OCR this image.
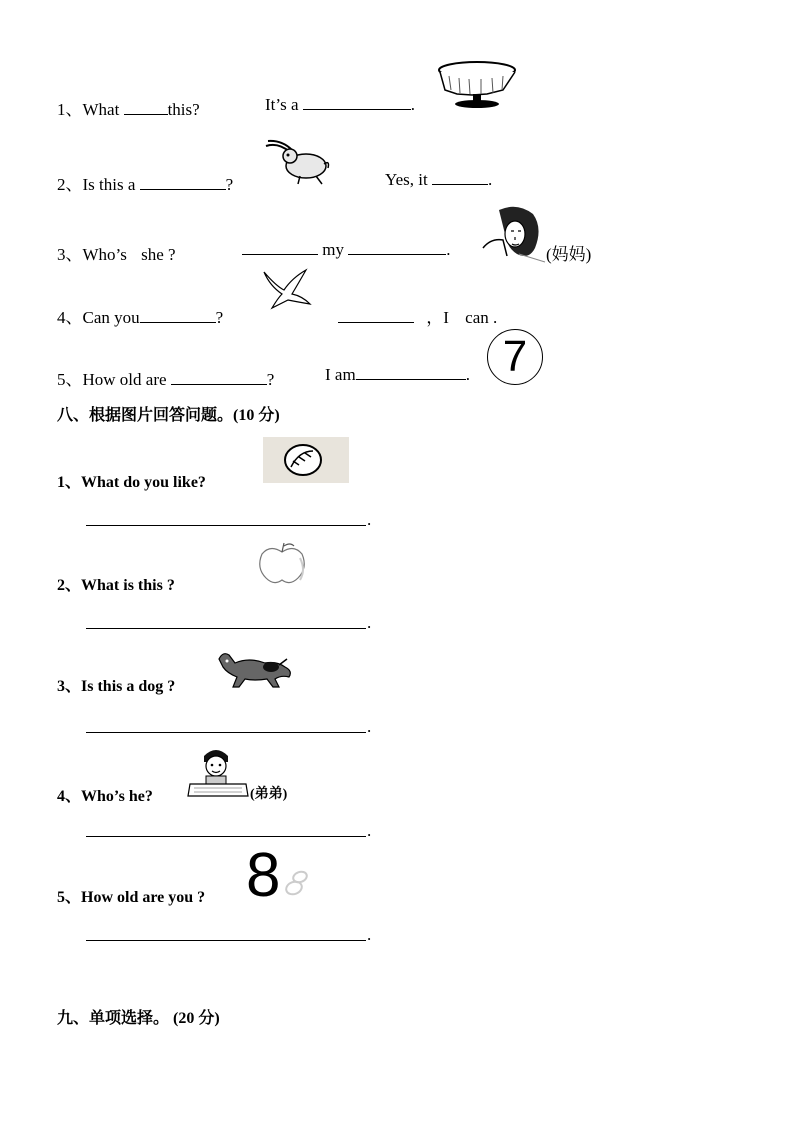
1、What	this?	It’s a	.
2、Is this a	?	Yes, it	.
3、Who’s she ?	my	.	(妈妈)
4、Can you	?	，I can .
5、How old are	?	I am	. 7
八、根据图片回答问题。(10 分)
1、What do you like?
.
2、What is this ?
.
3、Is this a dog ?
.
4、Who’s he?	(弟弟)
.
5、How old are you ? 8
.
九、单项选择。 (20 分)
